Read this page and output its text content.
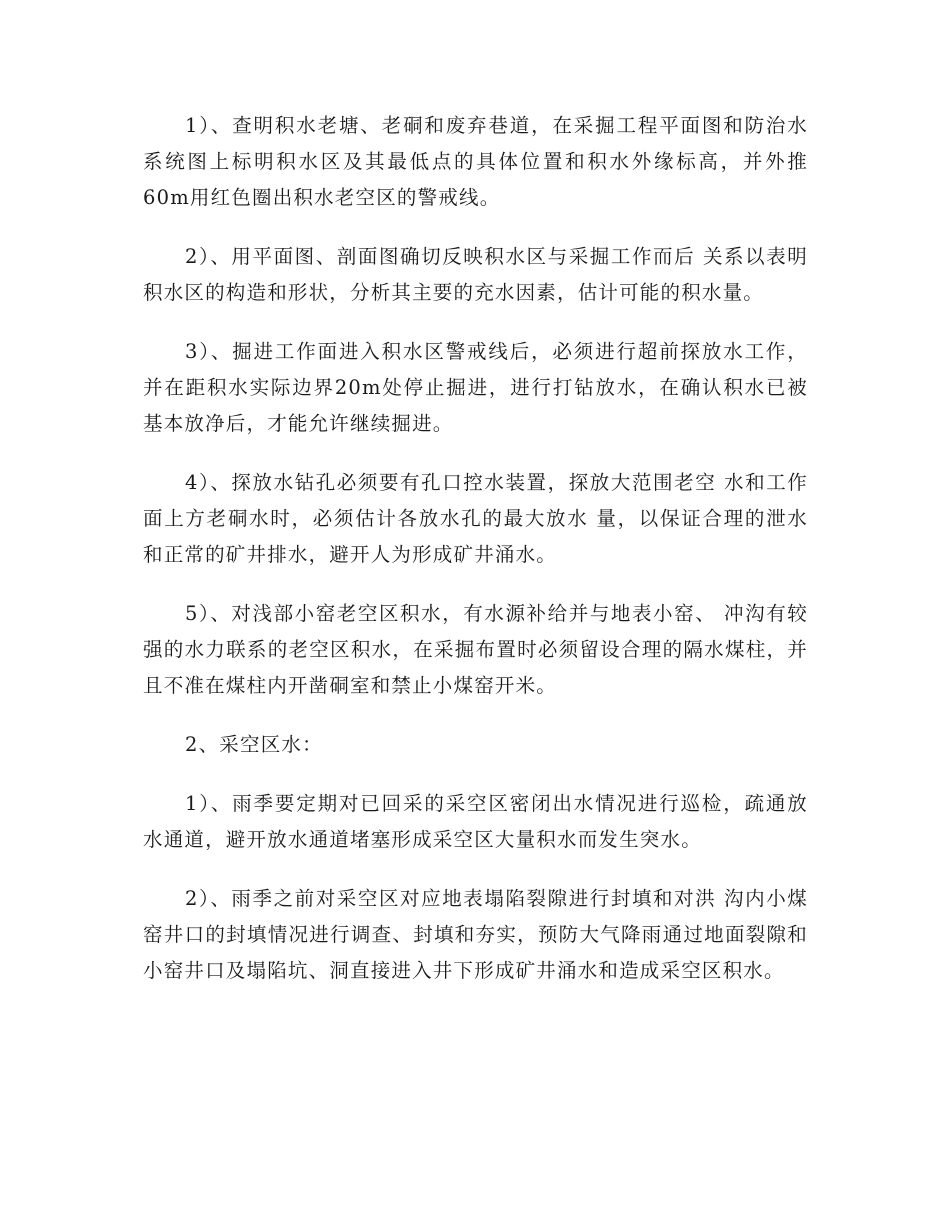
1）、查明积水老塘、老硐和废弃巷道，在采掘工程平面图和防治水系统图上标明积水区及其最低点的具体位置和积水外缘标高，并外推60m用红色圈出积水老空区的警戒线。

2）、用平面图、剖面图确切反映积水区与采掘工作而后 关系以表明积水区的构造和形状，分析其主要的充水因素，估计可能的积水量。

3）、掘进工作面进入积水区警戒线后，必须进行超前探放水工作，并在距积水实际边界20m处停止掘进，进行打钻放水，在确认积水已被基本放净后，才能允许继续掘进。

4）、探放水钻孔必须要有孔口控水装置，探放大范围老空 水和工作面上方老硐水时，必须估计各放水孔的最大放水 量，以保证合理的泄水和正常的矿井排水，避开人为形成矿井涌水。

5）、对浅部小窑老空区积水，有水源补给并与地表小窑、 冲沟有较强的水力联系的老空区积水，在采掘布置时必须留设合理的隔水煤柱，并且不准在煤柱内开凿硐室和禁止小煤窑开米。

2、采空区水：

1）、雨季要定期对已回采的采空区密闭出水情况进行巡检，疏通放水通道，避开放水通道堵塞形成采空区大量积水而发生突水。

2）、雨季之前对采空区对应地表塌陷裂隙进行封填和对洪 沟内小煤窑井口的封填情况进行调查、封填和夯实，预防大气降雨通过地面裂隙和小窑井口及塌陷坑、洞直接进入井下形成矿井涌水和造成采空区积水。
